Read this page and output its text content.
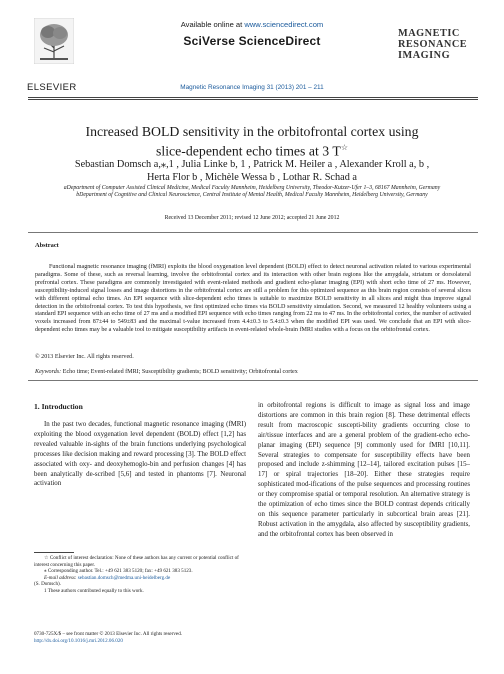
ELSEVIER
Available online at www.sciencedirect.com
SciVerse ScienceDirect
Magnetic Resonance Imaging 31 (2013) 201 – 211
MAGNETIC
RESONANCE
IMAGING
Increased BOLD sensitivity in the orbitofrontal cortex using
slice-dependent echo times at 3 T☆
Sebastian Domsch a,⁎,1 , Julia Linke b, 1 , Patrick M. Heiler a , Alexander Kroll a, b ,
Herta Flor b , Michèle Wessa b , Lothar R. Schad a
aDepartment of Computer Assisted Clinical Medicine, Medical Faculty Mannheim, Heidelberg University, Theodor-Kutzer-Ufer 1–3, 68167 Mannheim, Germany
bDepartment of Cognitive and Clinical Neuroscience, Central Institute of Mental Health, Medical Faculty Mannheim, Heidelberg University, Germany
Received 13 December 2011; revised 12 June 2012; accepted 21 June 2012
Abstract
Functional magnetic resonance imaging (fMRI) exploits the blood oxygenation level dependent (BOLD) effect to detect neuronal activation related to various experimental paradigms. Some of these, such as reversal learning, involve the orbitofrontal cortex and its interaction with other brain regions like the amygdala, striatum or dorsolateral prefrontal cortex. These paradigms are commonly investigated with event-related methods and gradient echo-planar imaging (EPI) with short echo time of 27 ms. However, susceptibility-induced signal losses and image distortions in the orbitofrontal cortex are still a problem for this optimized sequence as this brain region consists of several slices with different optimal echo times. An EPI sequence with slice-dependent echo times is suitable to maximize BOLD sensitivity in all slices and might thus improve signal detection in the orbitofrontal cortex. To test this hypothesis, we first optimized echo times via BOLD sensitivity simulation. Second, we measured 12 healthy volunteers using a standard EPI sequence with an echo time of 27 ms and a modified EPI sequence with echo times ranging from 22 ms to 47 ms. In the orbitofrontal cortex, the number of activated voxels increased from 87±44 to 549±83 and the maximal t-value increased from 4.4±0.3 to 5.4±0.3 when the modified EPI was used. We conclude that an EPI with slice-dependent echo times may be a valuable tool to mitigate susceptibility artifacts in event-related whole-brain fMRI studies with a focus on the orbitofrontal cortex.
© 2013 Elsevier Inc. All rights reserved.
Keywords: Echo time; Event-related fMRI; Susceptibility gradients; BOLD sensitivity; Orbitofrontal cortex
1. Introduction
In the past two decades, functional magnetic resonance imaging (fMRI) exploiting the blood oxygenation level dependent (BOLD) effect [1,2] has revealed valuable in-sights of the brain functions underlying psychological processes like decision making and reward processing [3]. The BOLD effect associated with oxy- and deoxyhemoglo-bin and perfusion changes [4] has been analytically de-scribed [5,6] and tested in phantoms [7]. Neuronal activation
in orbitofrontal regions is difficult to image as signal loss and image distortions are common in this brain region [8]. These detrimental effects result from macroscopic suscepti-bility gradients occurring close to air/tissue interfaces and are a general problem of the gradient-echo echo-planar imaging (EPI) sequence [9] commonly used for fMRI [10,11]. Several strategies to compensate for susceptibility effects have been proposed and include z-shimming [12–14], tailored excitation pulses [15–17] or spiral trajectories [18–20]. Either these strategies require sophisticated mod-ifications of the pulse sequences and processing routines or they compromise spatial or temporal resolution. An alternative strategy is the optimization of echo times since the BOLD contrast depends critically on this sequence parameter particularly in subcortical brain areas [21]. Robust activation in the amygdala, also affected by susceptibility gradients, and the orbitofrontal cortex has been observed in

☆ Conflict of interest declaration: None of these authors has any current or potential conflict of interest concerning this paper.

⁎ Corresponding author. Tel.: +49 621 383 5120; fax: +49 621 383 5123.

E-mail address: sebastian.domsch@medma.uni-heidelberg.de

(S. Domsch).

1 These authors contributed equally to this work.

0730-725X/$ – see front matter © 2013 Elsevier Inc. All rights reserved.
http://dx.doi.org/10.1016/j.mri.2012.06.020
